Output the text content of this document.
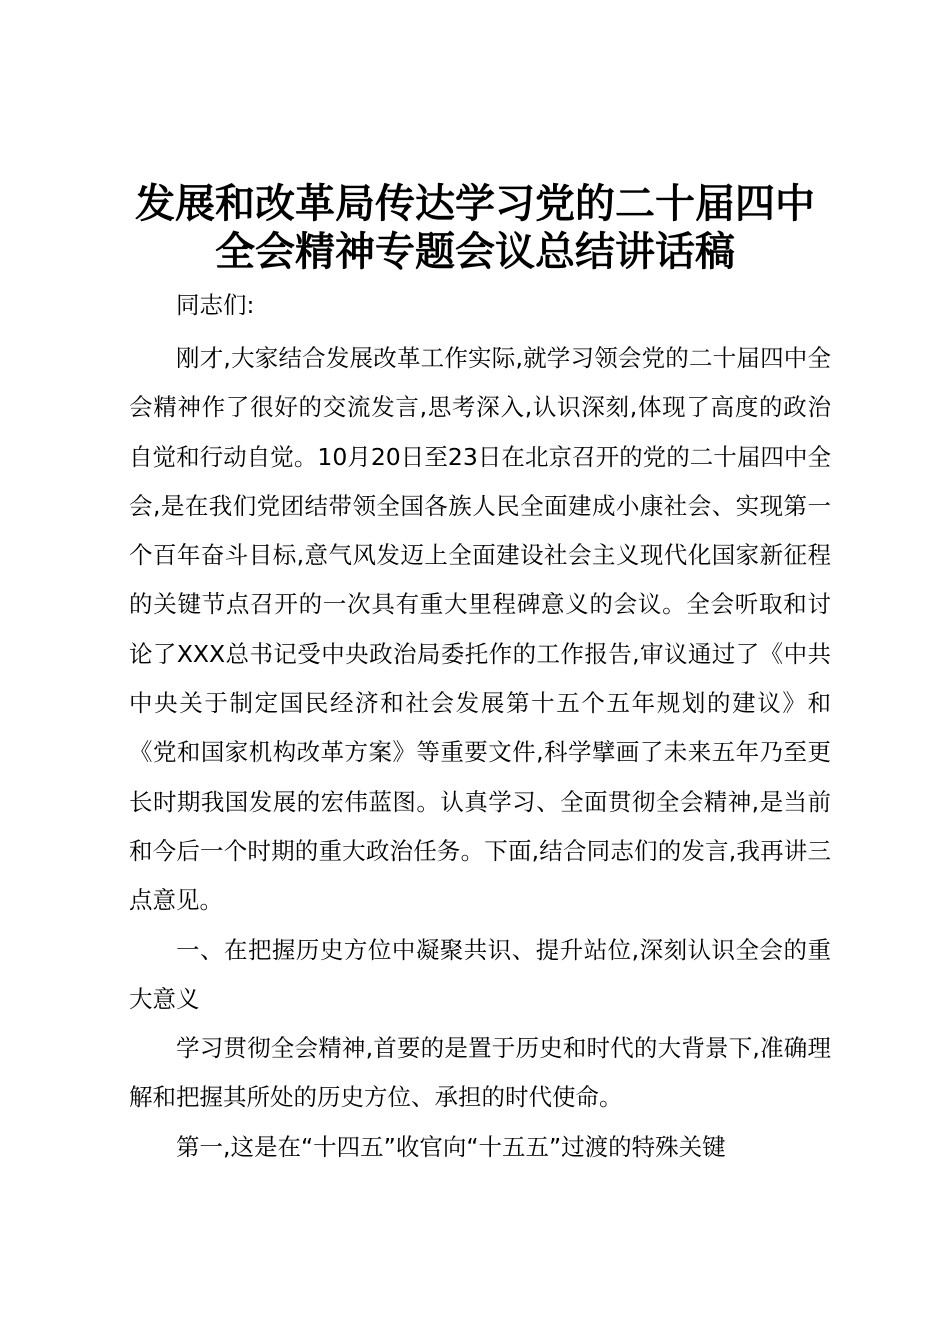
发展和改革局传达学习党的二十届四中
全会精神专题会议总结讲话稿

同志们:

刚才,大家结合发展改革工作实际,就学习领会党的二十届四中全会精神作了很好的交流发言,思考深入,认识深刻,体现了高度的政治自觉和行动自觉。10月20日至23日在北京召开的党的二十届四中全会,是在我们党团结带领全国各族人民全面建成小康社会、实现第一个百年奋斗目标,意气风发迈上全面建设社会主义现代化国家新征程的关键节点召开的一次具有重大里程碑意义的会议。全会听取和讨论了XXX总书记受中央政治局委托作的工作报告,审议通过了《中共中央关于制定国民经济和社会发展第十五个五年规划的建议》和《党和国家机构改革方案》等重要文件,科学擘画了未来五年乃至更长时期我国发展的宏伟蓝图。认真学习、全面贯彻全会精神,是当前和今后一个时期的重大政治任务。下面,结合同志们的发言,我再讲三点意见。

一、在把握历史方位中凝聚共识、提升站位,深刻认识全会的重大意义

学习贯彻全会精神,首要的是置于历史和时代的大背景下,准确理解和把握其所处的历史方位、承担的时代使命。

第一,这是在“十四五”收官向“十五五”过渡的特殊关键
